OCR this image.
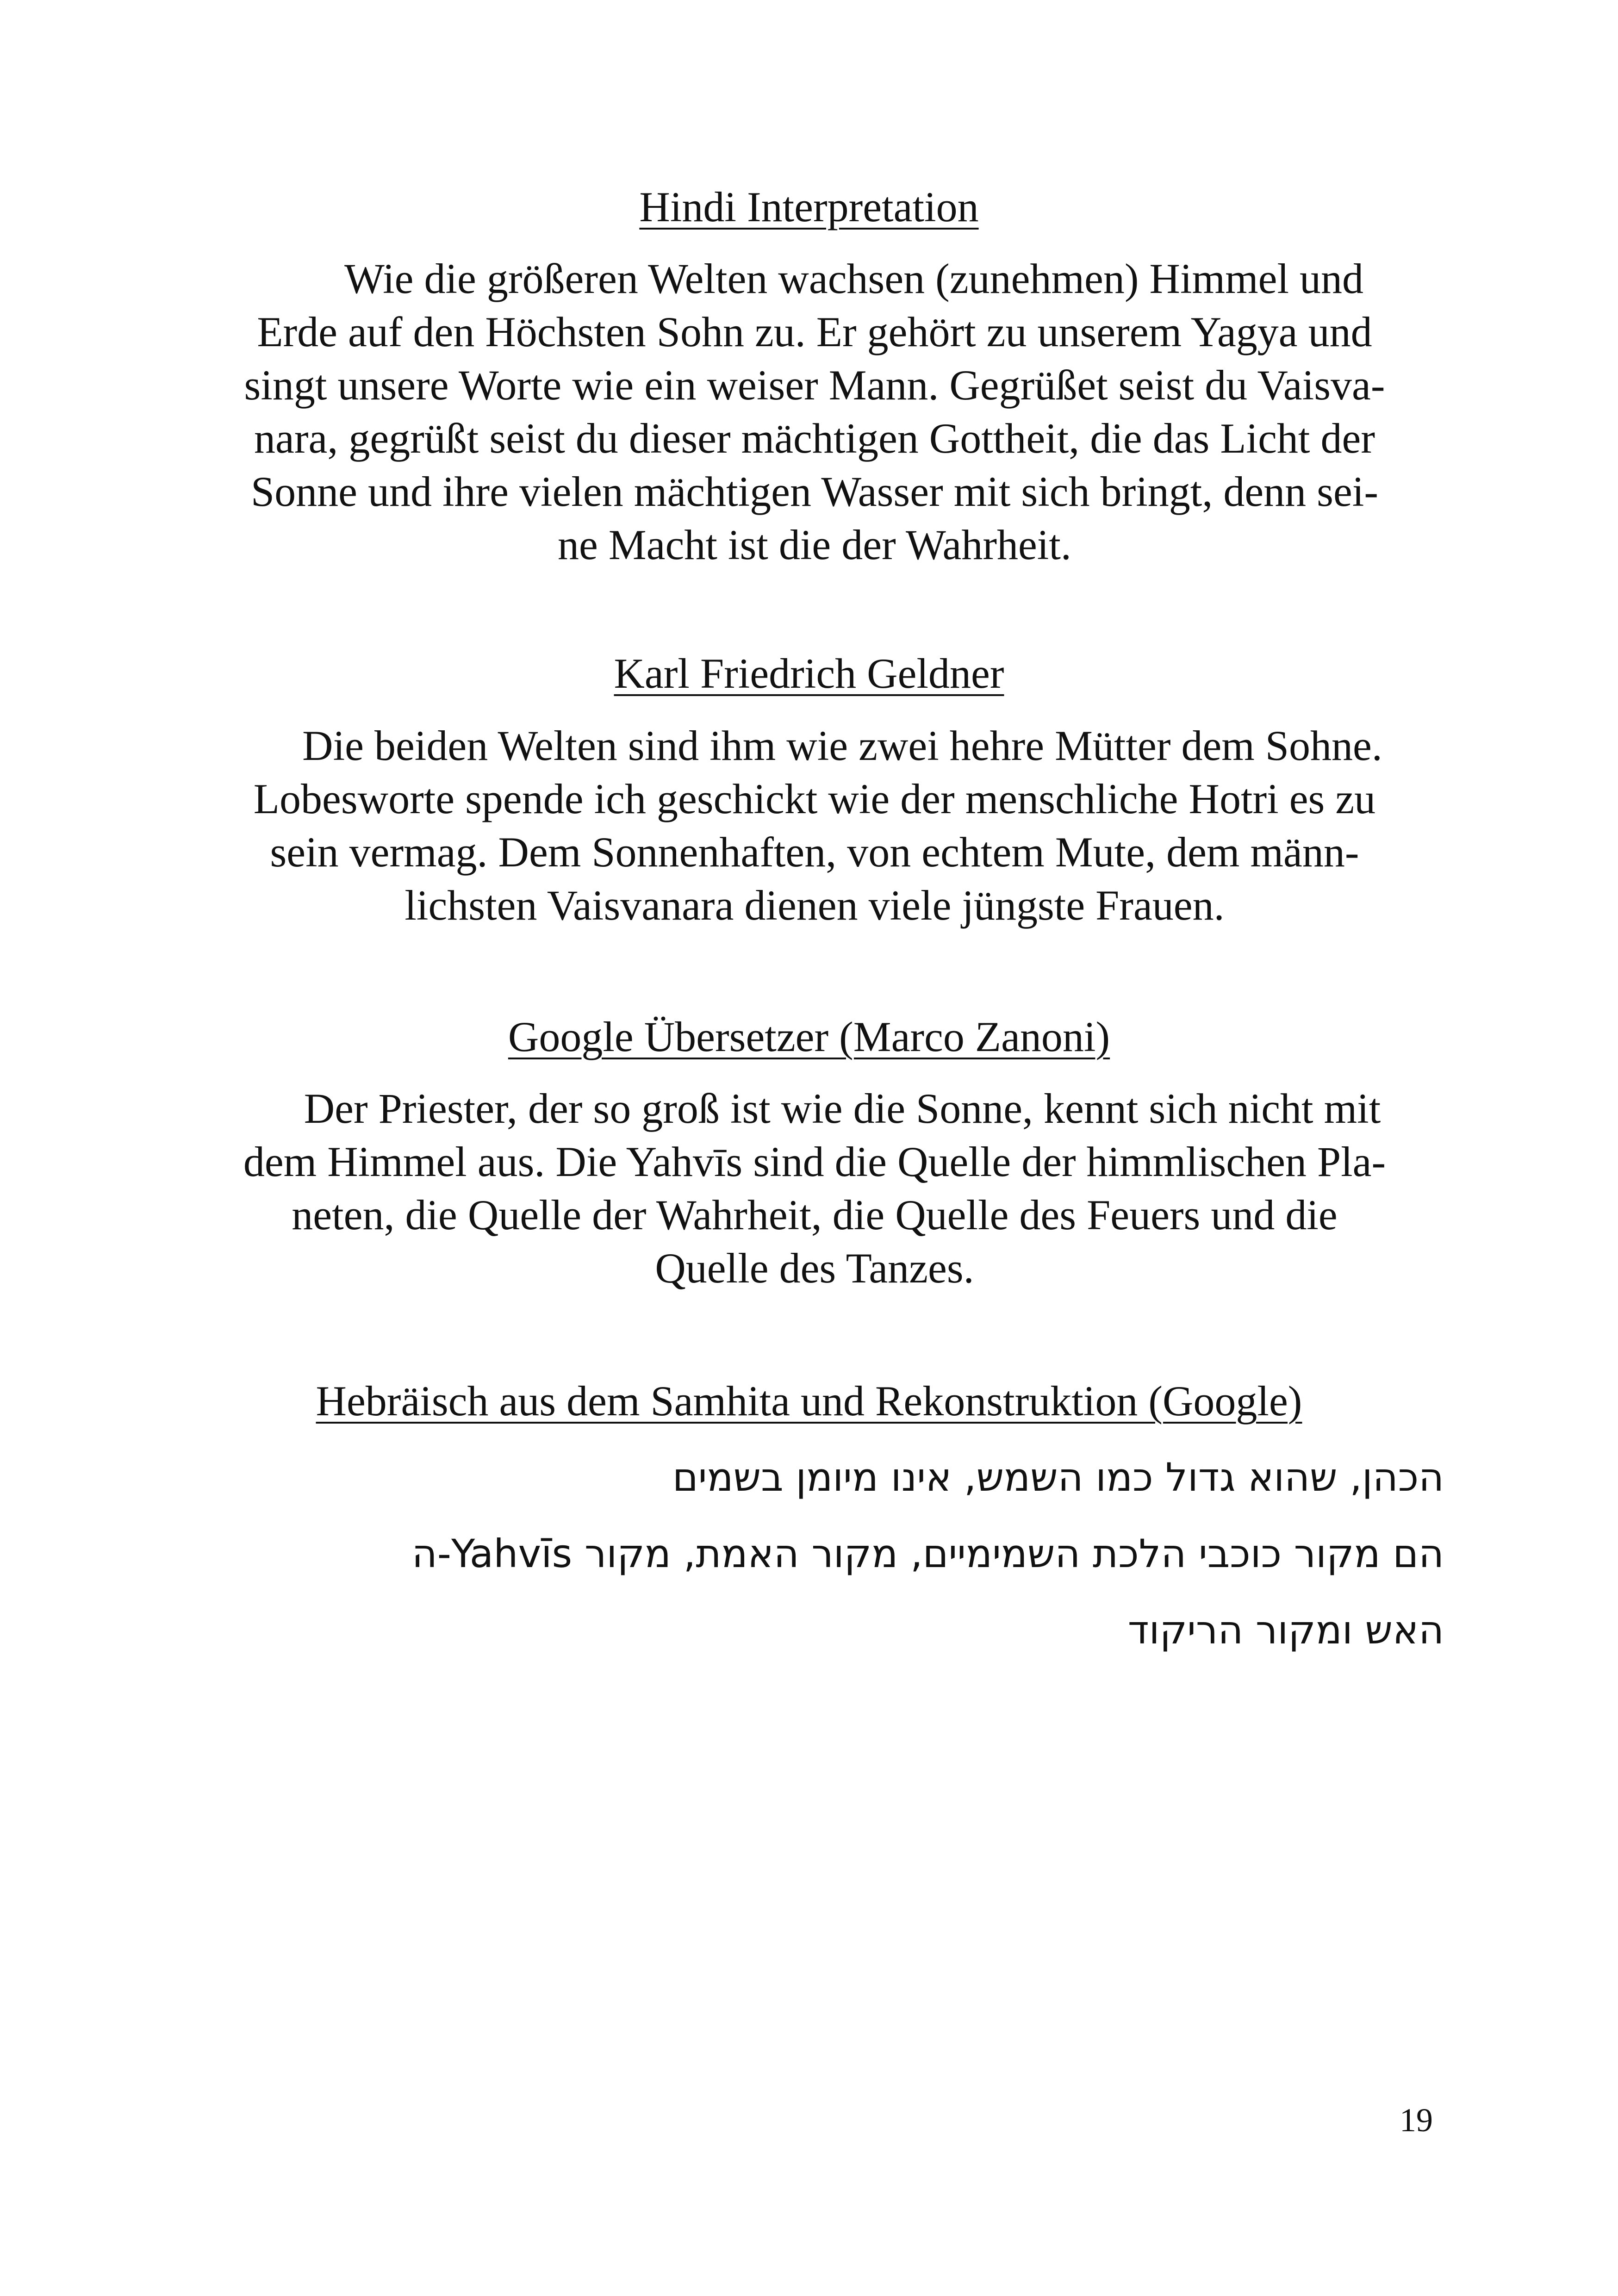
Hindi Interpretation
Wie die größeren Welten wachsen (zunehmen) Himmel und
Erde auf den Höchsten Sohn zu. Er gehört zu unserem Yagya und
singt unsere Worte wie ein weiser Mann. Gegrüßet seist du Vaisva-
nara, gegrüßt seist du dieser mächtigen Gottheit, die das Licht der
Sonne und ihre vielen mächtigen Wasser mit sich bringt, denn sei-
ne Macht ist die der Wahrheit.
Karl Friedrich Geldner
Die beiden Welten sind ihm wie zwei hehre Mütter dem Sohne.
Lobesworte spende ich geschickt wie der menschliche Hotri es zu
sein vermag. Dem Sonnenhaften, von echtem Mute, dem männ-
lichsten Vaisvanara dienen viele jüngste Frauen.
Google Übersetzer (Marco Zanoni)
Der Priester, der so groß ist wie die Sonne, kennt sich nicht mit
dem Himmel aus. Die Yahvīs sind die Quelle der himmlischen Pla-
neten, die Quelle der Wahrheit, die Quelle des Feuers und die
Quelle des Tanzes.
Hebräisch aus dem Samhita und Rekonstruktion (Google)
הכהן, שהוא גדול כמו השמש, אינו מיומן בשמים
הם מקור כוכבי הלכת השמימיים, מקור האמת, מקור Yahvīs-ה
האש ומקור הריקוד

19
